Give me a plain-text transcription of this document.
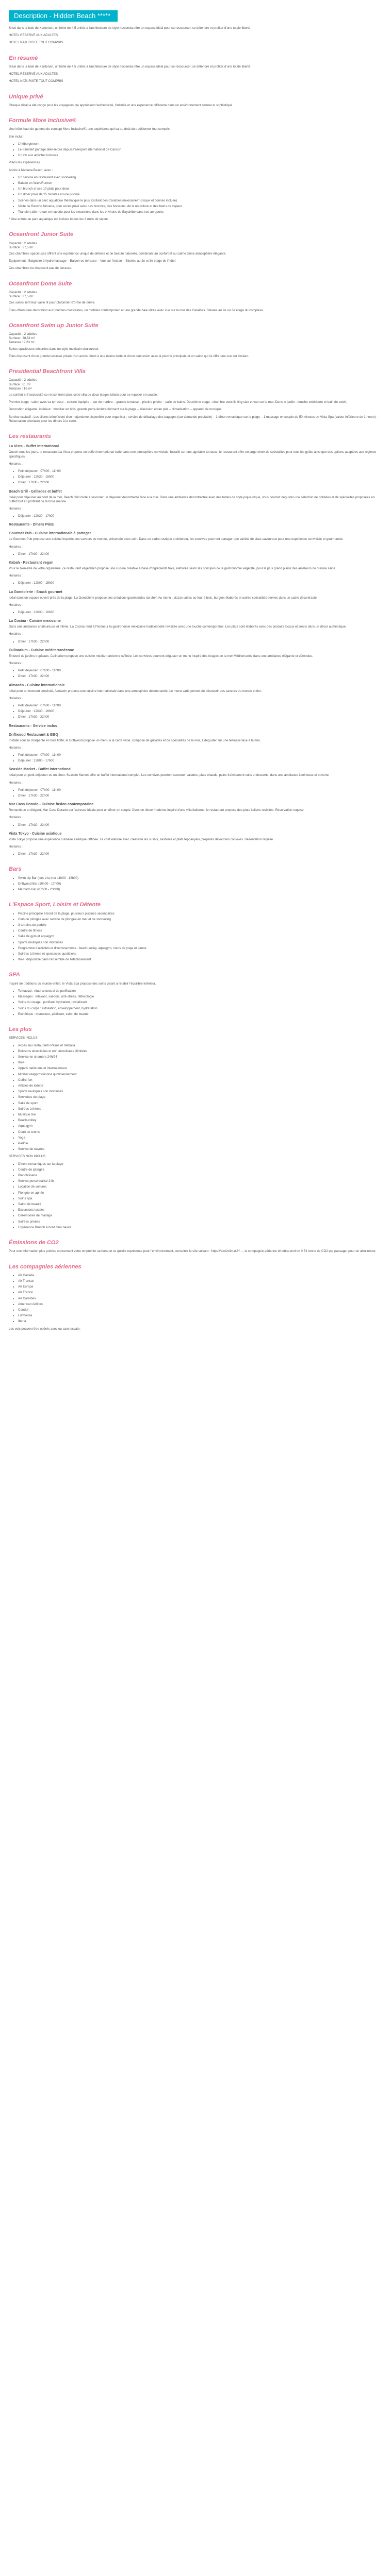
Description - Hidden Beach *****

Situé dans la baie de Kantenah, un hôtel de 4.5 unités à l'architecture de style hacienda offre un espace idéal pour se ressourcer, se détendre et profiter d'une totale liberté.

HOTEL RÉSERVÉ AUX ADULTES

HOTEL NATURISTE TOUT COMPRIS

En résumé

Situé dans la baie de Kantenah, un hôtel de 4.5 unités à l'architecture de style hacienda offre un espace idéal pour se ressourcer, se détendre et profiter d'une totale liberté.

HOTEL RÉSERVÉ AUX ADULTES

HOTEL NATURISTE TOUT COMPRIS

Unique privé

Chaque détail a été conçu pour les voyageurs qui apprécient l'authenticité, l'intimité et une expérience différente dans un environnement naturel et sophistiqué.

Formule More Inclusive®

Une hôtel haut de gamme du concept More Inclusive®, une expérience qui va au-delà du traditionnel tout compris.

Elle inclut :

• L'hébergement
• Le transfert partagé aller-retour depuis l'aéroport international de Cancún
• Un vin aux activités incluses

Plans les expériences :

Accès à Mariana Beach, avec :

• Un service en restaurant avec snorkeling
• Balade en WaveRunner
• Un brunch et ses 10 plats pour deux
• Un dîner privé de 25 minutes et une piscine
• Scènes dans un parc aquatique thématique le plus excitant des Caraïbes mexicaines* (risque et bonnes incluse)
• Visite de Rancho Nirvana, pour accès privé avec des bronzés, des boissons, de la nourriture et des bains de vapeur
• Transfert aller-retour en navette pour les excursions dans les environs de Bayahibe dans ses aéroports

* Une entrée au parc aquatique est incluse toutes les 3 nuits de séjour.

Oceanfront Junior Suite
Capacité : 2 adultes
Surface : 37,5 m²

Ces chambres spacieuses offrent une expérience unique de détente et de beauté naturelle, combinant au confort et au calme d'une atmosphère élégante.

Équipement : Baignoire à hydromassage – Balcon ou terrasse – Vue sur l'océan – Situées au 2e et 3e étage de l'hôtel

Ces chambres ne disposent pas de terrasse.

Oceanfront Dome Suite
Capacité : 2 adultes
Surface : 37,5 m²

Ces suites lient leur vaste lit pour plafonnier d'orme de dôme.

Elles offrent une décoration aux touches mexicaines, un mobilier contemporain et une grande baie vitrée avec vue sur la mer des Caraïbes. Situées au 2e ou 3e étage du complexe.

Oceanfront Swim up Junior Suite
Capacité : 2 adultes
Surface : 38,54 m²
Terrasse : 9,23 m²

Suites spacieuses décorées dans un style mexicain chaleureux.

Elles disposent d'une grande terrasse privée d'un accès direct à une rivière lente et d'une connexion avec la piscine principale et un salon qui lui offre une vue sur l'océan.

Presidential Beachfront Villa
Capacité : 2 adultes
Surface : 61 m²
Terrasse : 16 m²

Le confort et l'exclusivité se rencontrent dans cette villa de deux étages idéale pour se reposer en couple.

Premier étage : salon avec sa terrasse – cuisine équipée – bar de marbre – grande terrasse – piscine privée – salle de bains. Deuxième étage : chambre avec lit king size et vue sur la mer. Dans le jardin : douche extérieure et bain de soleil.

Décoration élégante, intérieur : mobilier en bois, grande porte-fenêtre donnant sur la plage – télévision écran plat – climatisation – appareil de musique.

Service exclusif : Les clients bénéficient d'un majordome disponible pour organiser : service de déballage des bagages (sur demande préalable) – 1 dîner romantique sur la plage – 1 massage en couple de 50 minutes en Vista Spa (valeur inférieure de 1 heure) – Réservation prioritaire pour les dîners à la carte.

Les restaurants
La Vista - Buffet international

Ouvert tous les jours, le restaurant La Vista propose un buffet international varié dans une atmosphère conviviale. Installé sur une agréable terrasse, le restaurant offre un large choix de spécialités pour tous les goûts ainsi que des options adaptées aux régimes spécifiques.

Horaires :

• Petit déjeuner : 07h00 - 11h00
• Déjeuner : 12h30 - 15h00
• Dîner : 17h30 - 22h00
Beach Grill - Grillades et buffet

Idéal pour déjeuner au bord de la mer, Beach Grill invite à savourer un déjeuner décontracté face à la mer. Dans une ambiance décontractée avec des tables de style pique-nique, vous pourrez déguster une sélection de grillades et de spécialités proposées en buffet tout en profitant de la brise marine.

Horaires :

• Déjeuner : 12h30 - 17h00
Restaurants - Dîners Plats
Gourmet Pub - Cuisine internationale à partager

Le Gourmet Pub propose une cuisine inspirée des saveurs du monde, présentée avec soin. Dans un cadre rustique et détendu, les convives pourront partager une variété de plats savoureux pour une expérience conviviale et gourmande.

Horaires :

• Dîner : 17h30 - 22h00
Kabah - Restaurant vegan

Pour le bien-être de votre organisme, ce restaurant végétalien propose une cuisine créative à base d'ingrédients frais, élaborée selon les principes de la gastronomie végétale, pour le plus grand plaisir des amateurs de cuisine saine.

Horaires :

• Déjeuner : 12h00 - 15h00
La Gondolerie - Snack gourmet

Idéal dans un espace ouvert près de la plage, La Gondolerie propose des créations gourmandes du chef. Au menu : pizzas cuites au four à bois, burgers élaborés et autres spécialités servies dans un cadre décontracté.

Horaires :

• Déjeuner : 12h30 - 16h30
La Cocina - Cuisine mexicaine

Dans une ambiance chaleureuse et intime, La Cocina rend à l'honneur la gastronomie mexicaine traditionnelle revisitée avec une touche contemporaine. Les plats sont élaborés avec des produits locaux et servis dans un décor authentique.

Horaires :

• Dîner : 17h30 - 22h00
Culinarium - Cuisine méditerranéenne

Entouré de jardins tropicaux, Culinarium propose une cuisine méditerranéenne raffinée. Les convives pourront déguster un menu inspiré des rivages de la mer Méditerranée dans une ambiance élégante et détendue.

Horaires :

• Petit déjeuner : 07h00 - 11h00
• Dîner : 17h30 - 22h00
Almacén - Cuisine internationale

Idéal pour un moment convivial, Almacén propose une cuisine internationale dans une atmosphère décontractée. Le menu varié permet de découvrir des saveurs du monde entier.

Horaires :

• Petit déjeuner : 07h00 - 11h00
• Déjeuner : 12h30 - 16h00
• Dîner : 17h30 - 22h00
Restaurants - Service inclus
Driftwood Restaurant & BBQ

Installé sous la charpente en bois flotté, le Driftwood propose un menu à la carte varié, composé de grillades et de spécialités de la mer, à déguster sur une terrasse face à la mer.

Horaires :

• Petit déjeuner : 07h00 - 11h00
• Déjeuner : 12h00 - 17h00
Seaside Market - Buffet international

Idéal pour un petit-déjeuner ou un dîner, Seaside Market offre un buffet international complet. Les convives pourront savourer salades, plats chauds, pains fraîchement cuits et desserts, dans une ambiance lumineuse et ouverte.

Horaires :

• Petit déjeuner : 07h00 - 11h00
• Dîner : 17h30 - 22h00
Mar Cass Dorado - Cuisine fusion contemporaine

Romantique et élégant, Mar Cass Dorado est l'adresse idéale pour un dîner en couple. Dans un décor moderne inspiré d'une villa italienne, le restaurant propose des plats italiens revisités. Réservation requise.

Horaires :

• Dîner : 17h30 - 22h00
Vista Tokyo - Cuisine asiatique

Vista Tokyo propose une expérience culinaire asiatique raffinée. Le chef élabore avec créativité les sushis, sashimis et plats teppanyaki, préparés devant les convives. Réservation requise.

Horaires :

• Dîner : 17h30 - 22h00
Bars
• Swim Up Bar (lors à la mer 11h00 - 18h00)
• Driftwood Bar (10h00 - 17h00)
• Mercado Bar (07h00 - 23h00)
L'Espace Sport, Loisirs et Détente
• Piscine principale à bord de la plage, plusieurs piscines secondaires
• Club de plongée avec service de plongée en mer et de snorkeling
• 3 terrains de paddle
• Centre de fitness
• Salle de gym et aquagym
• Sports nautiques non motorisés
• Programme d'activités et divertissements : beach-volley, aquagym, cours de yoga et danse
• Soirées à thème et spectacles quotidiens
• Wi-Fi disponible dans l'ensemble de l'établissement
SPA

Inspiré de traditions du monde entier, le Vista Spa propose des soins visant à rétablir l'équilibre intérieur.

• Temazcal : rituel ancestral de purification
• Massages : relaxant, suédois, anti-stress, réflexologie
• Soins du visage : purifiant, hydratant, revitalisant
• Soins du corps : exfoliation, enveloppement, hydratation
• Esthétique : manucure, pédicure, salon de beauté
Les plus

SERVICES INCLUS

• Accès aux restaurants Palms et Valhalla
• Boissons alcoolisées et non alcoolisées illimitées
• Service en chambre 24h/24
• Wi-Fi
• Appels nationaux et internationaux
• Minibar réapprovisionné quotidiennement
• Coffre-fort
• Articles de toilette
• Sports nautiques non motorisés
• Serviettes de plage
• Salle de sport
• Soirées à thème
• Musique live
• Beach-volley
• Aqua gym
• Court de tennis
• Yoga
• Paddle
• Service de navette

SERVICES NON INCLUS

• Dîners romantiques sur la plage
• Centre de plongée
• Blanchisserie
• Service personnalisé 24h
• Location de voitures
• Plongée en apnée
• Soins spa
• Salon de beauté
• Excursions locales
• Cérémonies de mariage
• Soirées privées
• Expérience Brunch à bord d'un navire
Émissions de CO2

Pour une information plus précise concernant votre empreinte carbone et ce qu'elle représente pour l'environnement, consultez le site suivant : https://eco2climat.fr/ — la compagnie aérienne émettra environ 0,74 tonne de CO2 par passager pour un aller-retour.

Les compagnies aériennes
• Air Canada
• Air Transat
• Air Europa
• Air France
• Air Caraïbes
• American Airlines
• Condor
• Lufthansa
• Iberia

Les vols peuvent être opérés avec ou sans escale.
